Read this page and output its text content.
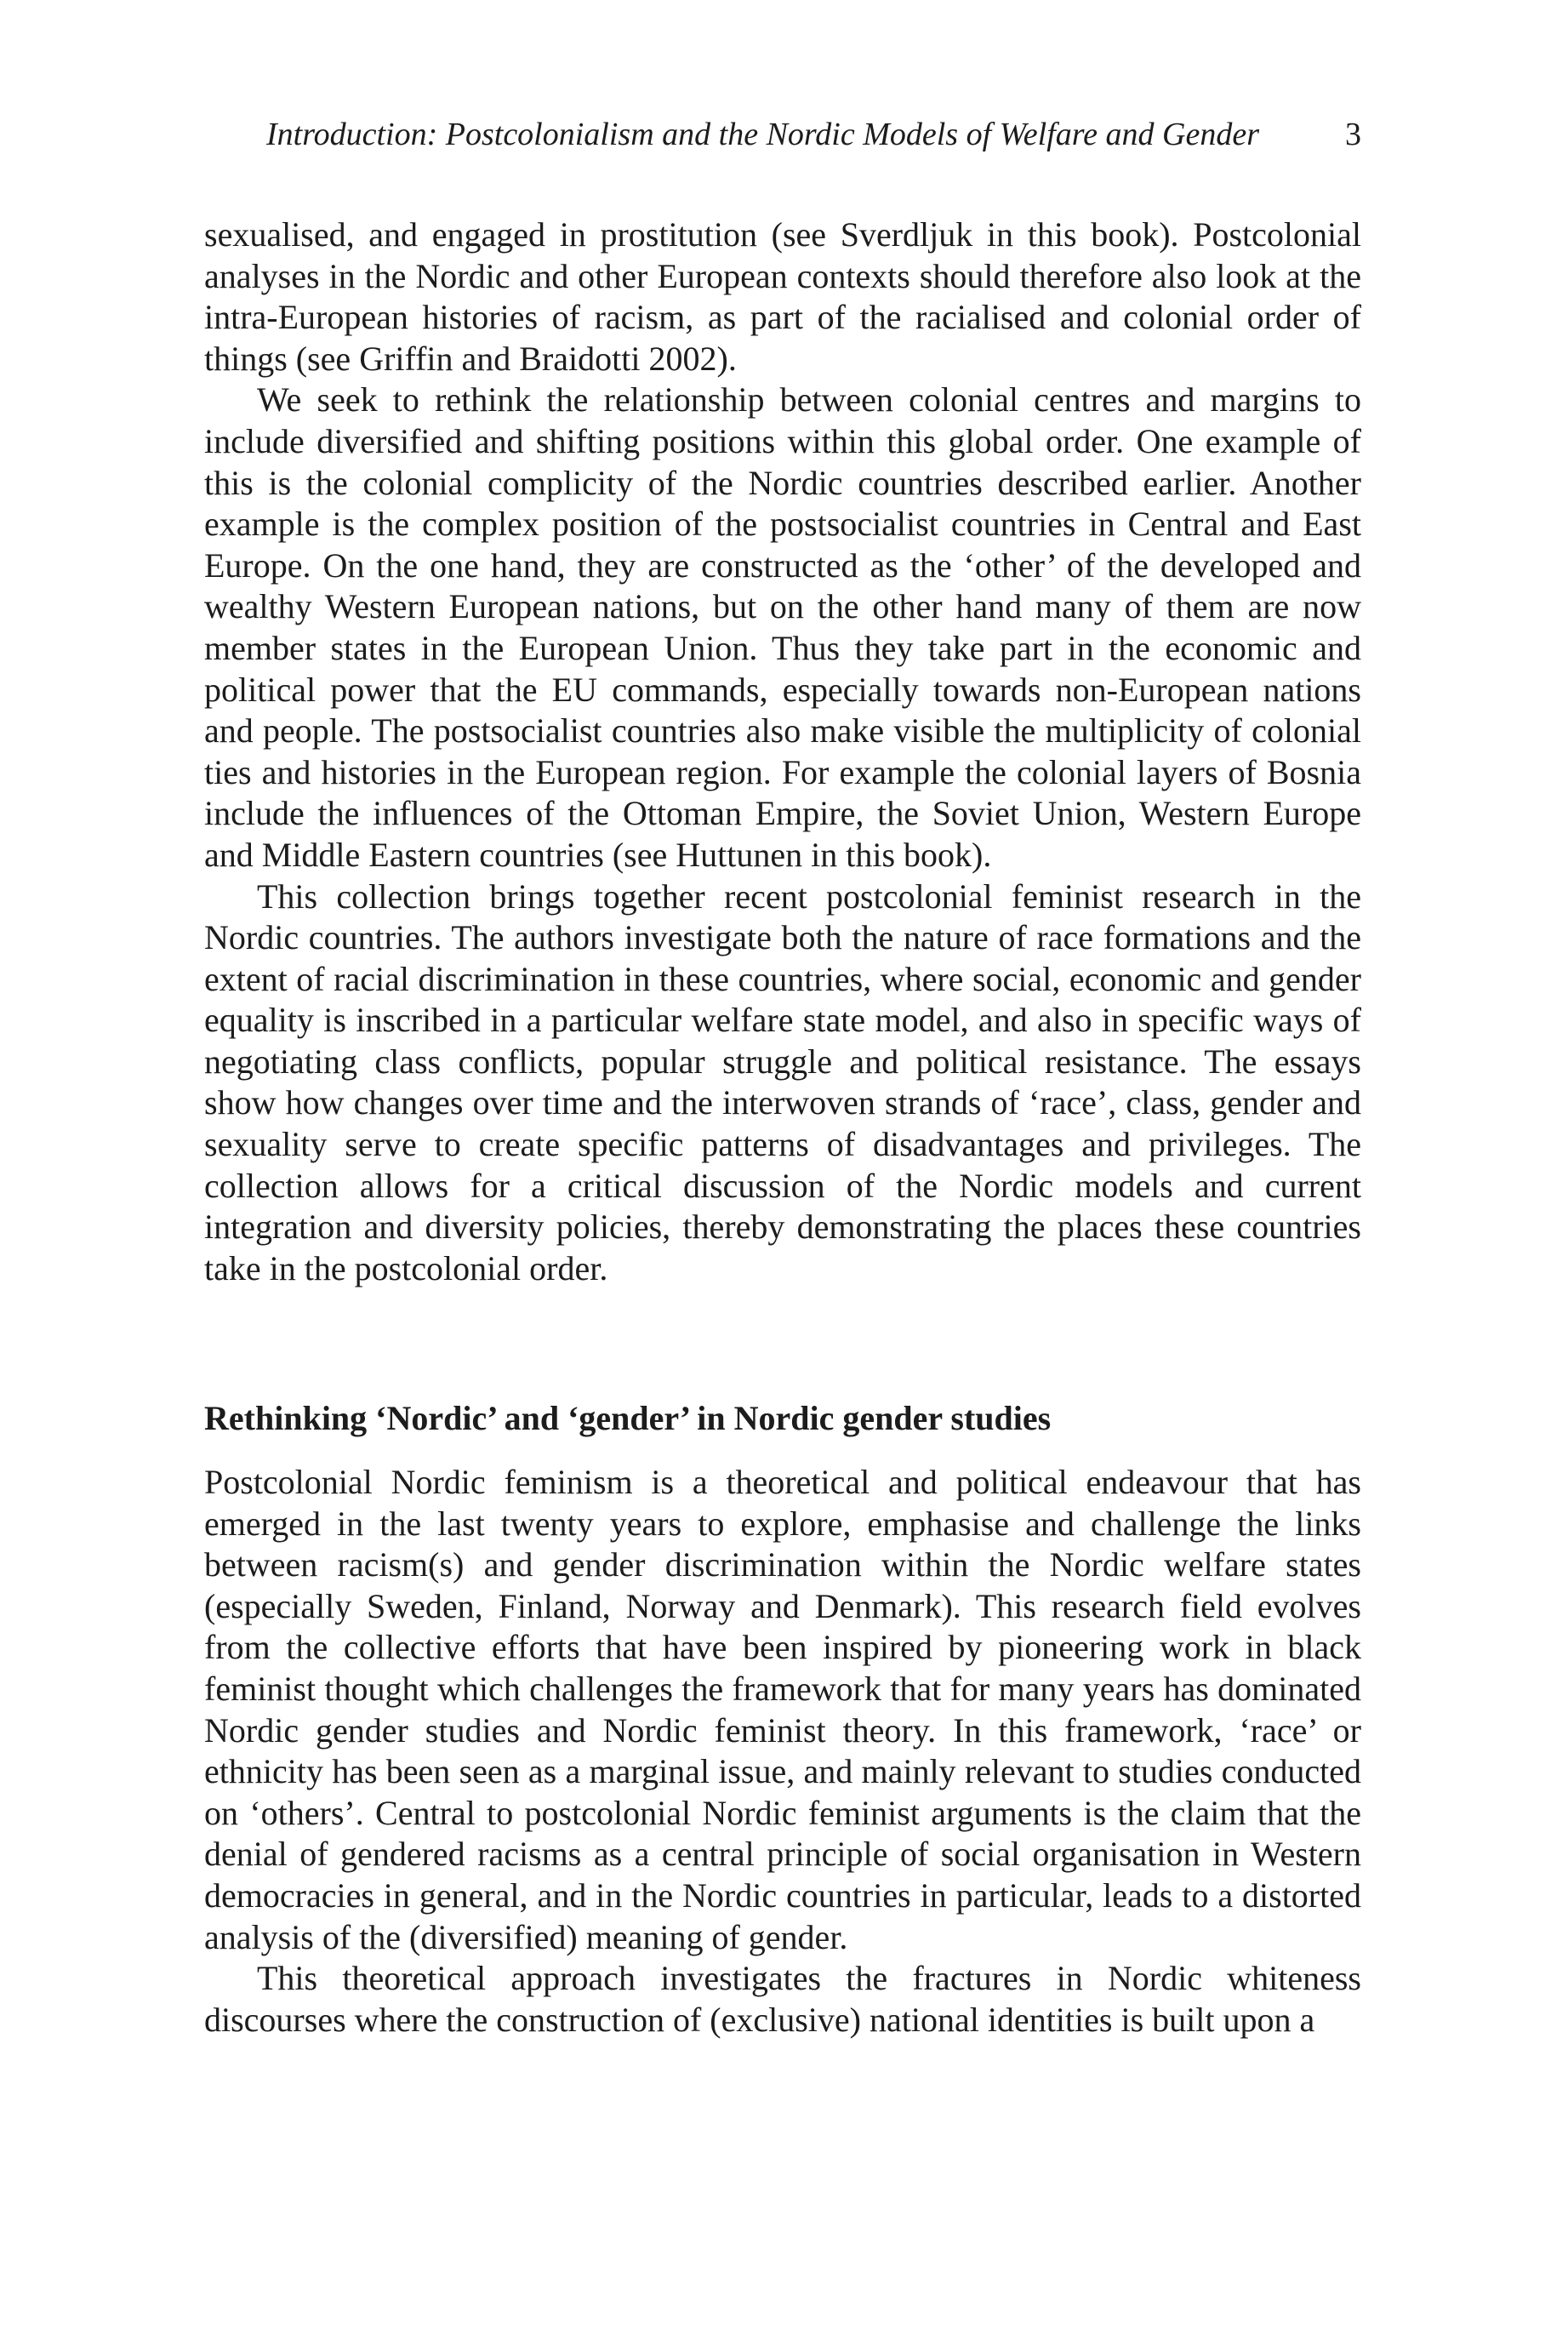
Introduction: Postcolonialism and the Nordic Models of Welfare and Gender	3

sexualised, and engaged in prostitution (see Sverdljuk in this book). Postcolonial analyses in the Nordic and other European contexts should therefore also look at the intra-European histories of racism, as part of the racialised and colonial order of things (see Griffin and Braidotti 2002).

We seek to rethink the relationship between colonial centres and margins to include diversified and shifting positions within this global order. One example of this is the colonial complicity of the Nordic countries described earlier. Another example is the complex position of the postsocialist countries in Central and East Europe. On the one hand, they are constructed as the ‘other’ of the developed and wealthy Western European nations, but on the other hand many of them are now member states in the European Union. Thus they take part in the economic and political power that the EU commands, especially towards non-European nations and people. The postsocialist countries also make visible the multiplicity of colonial ties and histories in the European region. For example the colonial layers of Bosnia include the influences of the Ottoman Empire, the Soviet Union, Western Europe and Middle Eastern countries (see Huttunen in this book).

This collection brings together recent postcolonial feminist research in the Nordic countries. The authors investigate both the nature of race formations and the extent of racial discrimination in these countries, where social, economic and gender equality is inscribed in a particular welfare state model, and also in specific ways of negotiating class conflicts, popular struggle and political resistance. The essays show how changes over time and the interwoven strands of ‘race’, class, gender and sexuality serve to create specific patterns of disadvantages and privileges. The collection allows for a critical discussion of the Nordic models and current integration and diversity policies, thereby demonstrating the places these countries take in the postcolonial order.

Rethinking ‘Nordic’ and ‘gender’ in Nordic gender studies

Postcolonial Nordic feminism is a theoretical and political endeavour that has emerged in the last twenty years to explore, emphasise and challenge the links between racism(s) and gender discrimination within the Nordic welfare states (especially Sweden, Finland, Norway and Denmark). This research field evolves from the collective efforts that have been inspired by pioneering work in black feminist thought which challenges the framework that for many years has dominated Nordic gender studies and Nordic feminist theory. In this framework, ‘race’ or ethnicity has been seen as a marginal issue, and mainly relevant to studies conducted on ‘others’. Central to postcolonial Nordic feminist arguments is the claim that the denial of gendered racisms as a central principle of social organisation in Western democracies in general, and in the Nordic countries in particular, leads to a distorted analysis of the (diversified) meaning of gender.

This theoretical approach investigates the fractures in Nordic whiteness discourses where the construction of (exclusive) national identities is built upon a
